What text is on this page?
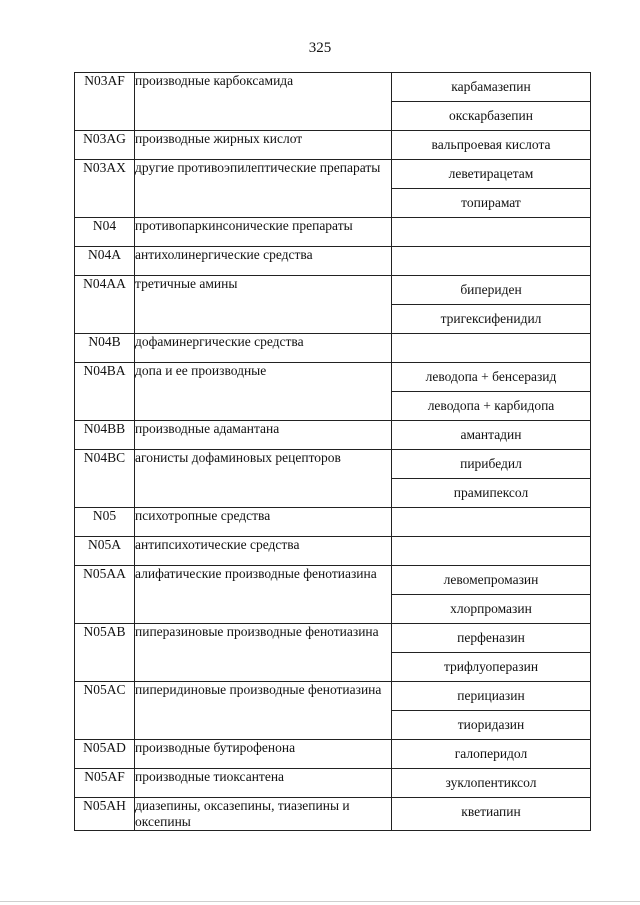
325
N03AF	производные карбоксамида	карбамазепин
окскарбазепин

N03AG	производные жирных кислот	вальпроевая кислота

N03AX	другие противоэпилептические препараты	леветирацетам
топирамат

N04	противопаркинсонические препараты	

N04A	антихолинергические средства	

N04AA	третичные амины	бипериден
тригексифенидил

N04B	дофаминергические средства	

N04BA	допа и ее производные	леводопа + бенсеразид
леводопа + карбидопа

N04BB	производные адамантана	амантадин

N04BC	агонисты дофаминовых рецепторов	пирибедил
прамипексол

N05	психотропные средства	

N05A	антипсихотические средства	

N05AA	алифатические производные фенотиазина	левомепромазин
хлорпромазин

N05AB	пиперазиновые производные фенотиазина	перфеназин
трифлуоперазин

N05AC	пиперидиновые производные фенотиазина	перициазин
тиоридазин

N05AD	производные бутирофенона	галоперидол

N05AF	производные тиоксантена	зуклопентиксол

N05AH	диазепины, оксазепины, тиазепины и оксепины	кветиапин
